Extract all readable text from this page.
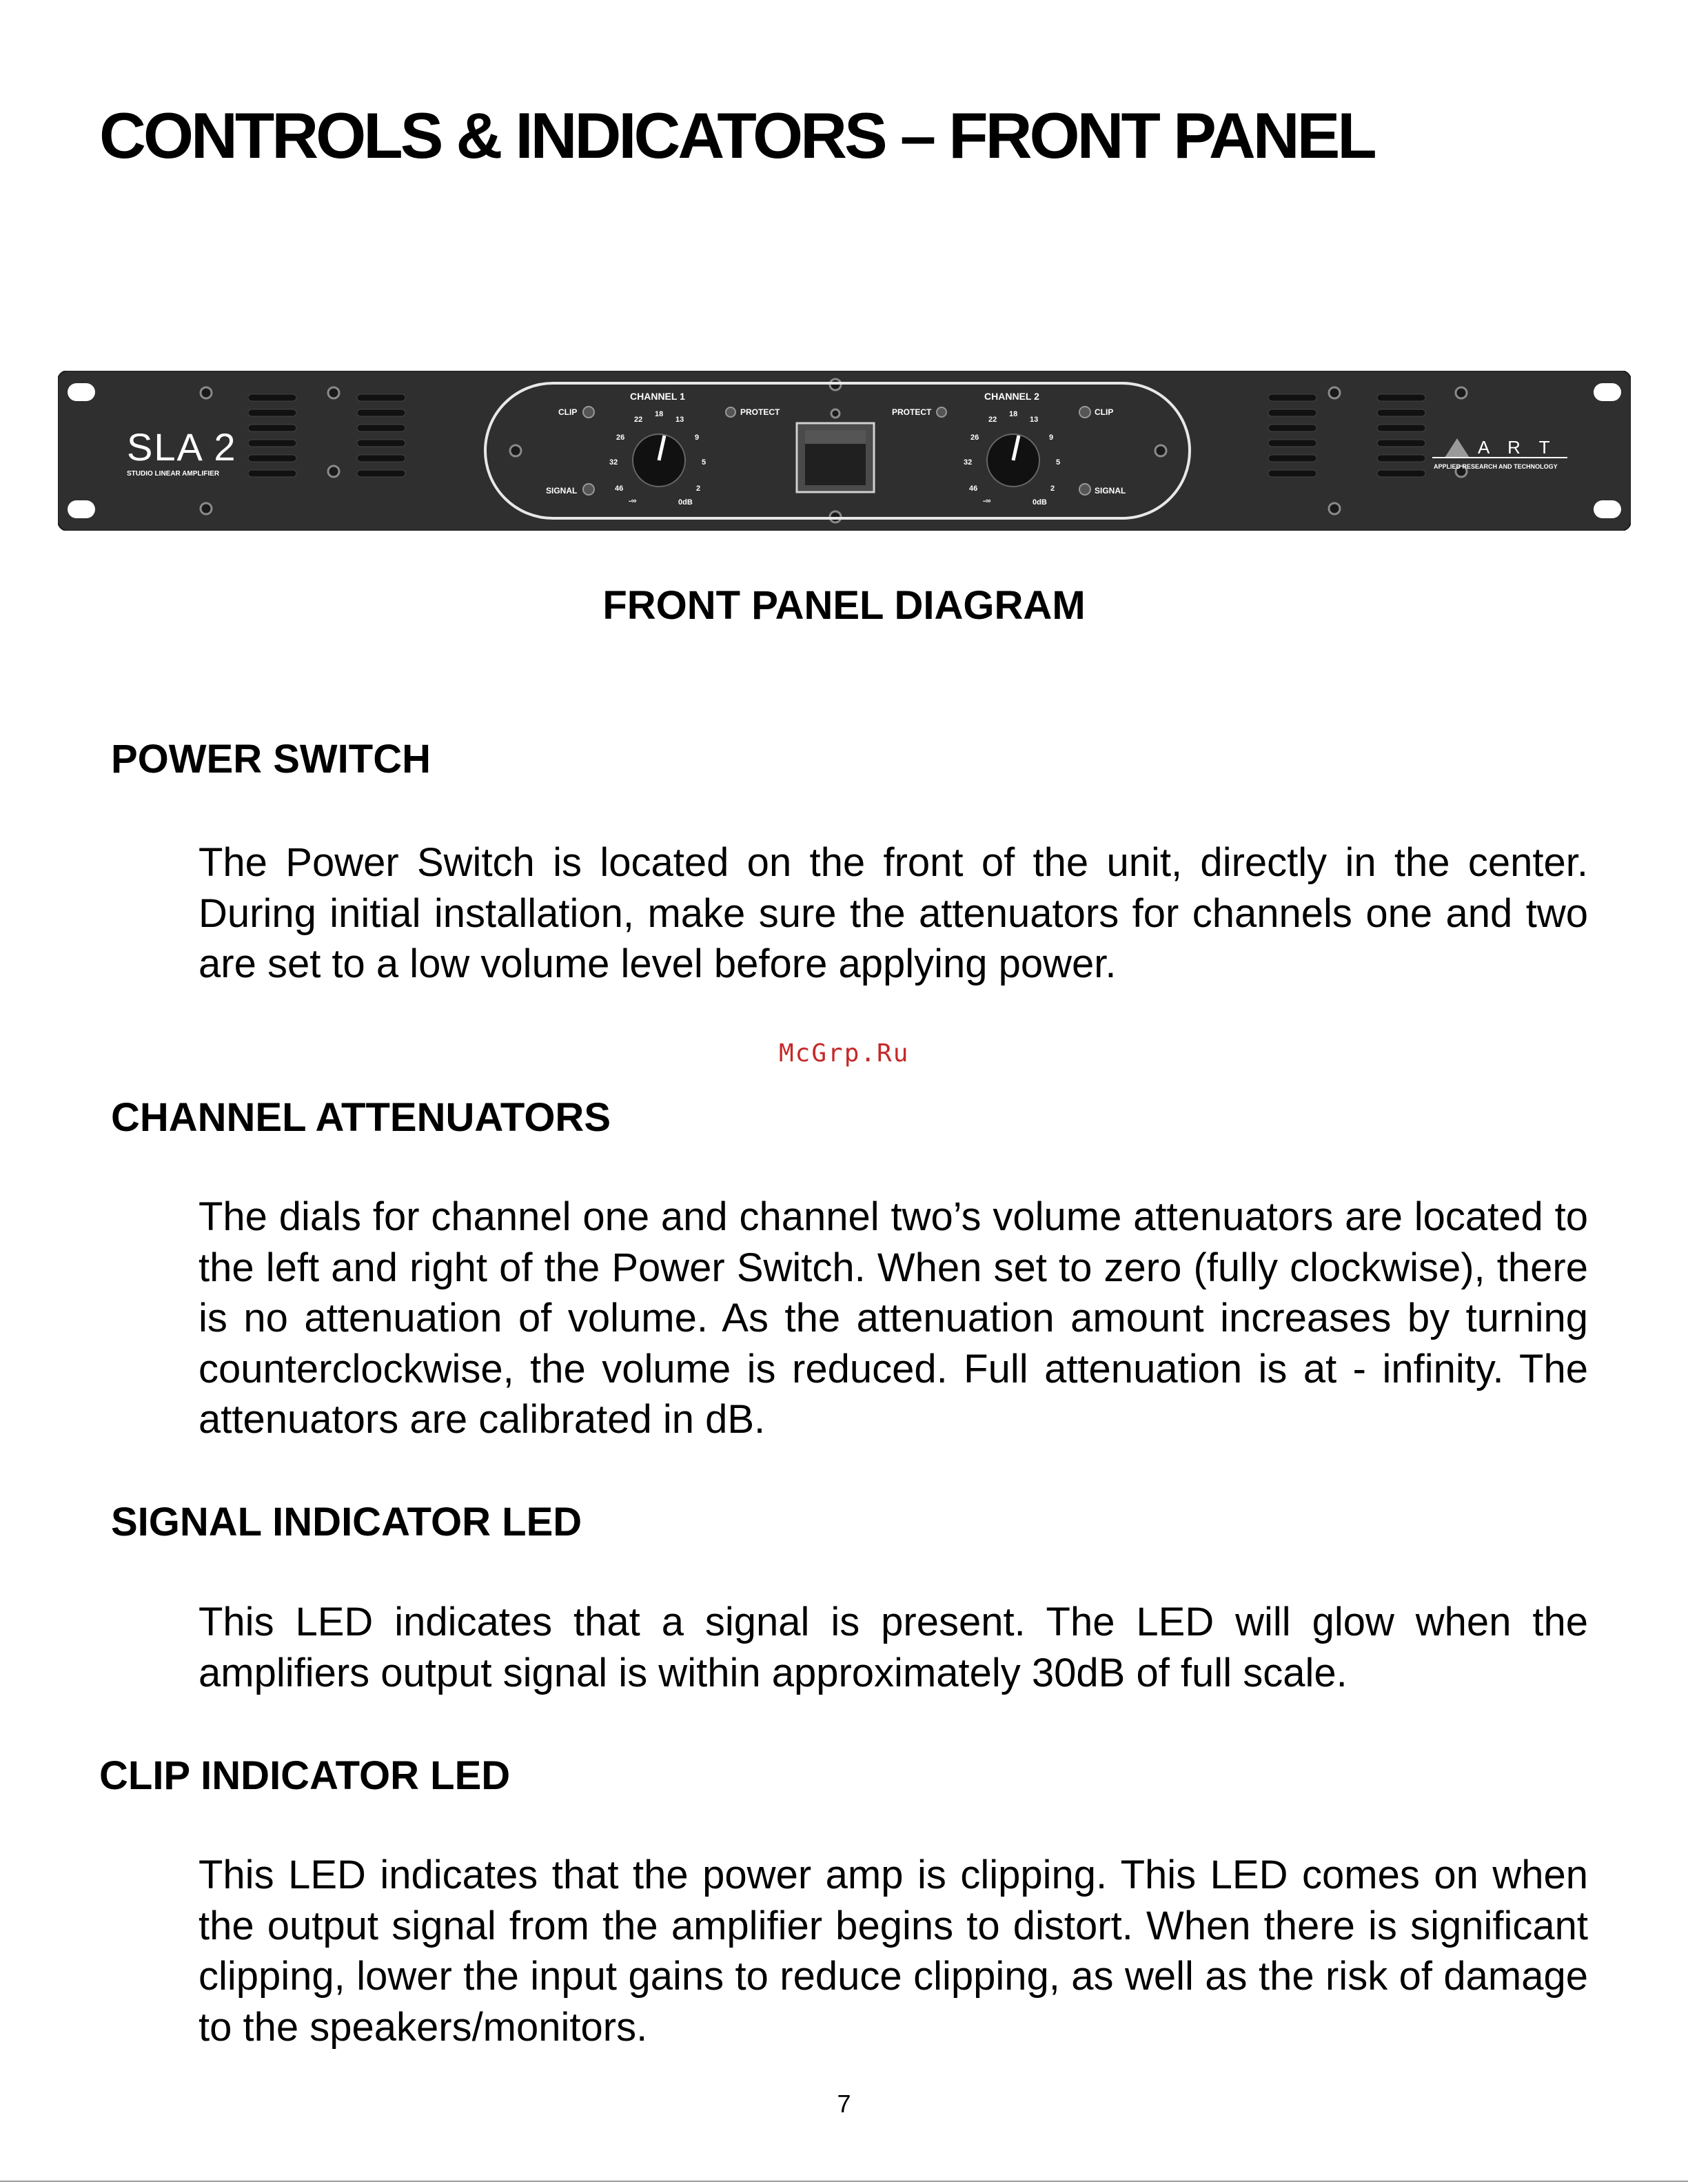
CONTROLS & INDICATORS – FRONT PANEL
SLA 2
STUDIO LINEAR AMPLIFIER
A R T
APPLIED RESEARCH AND TECHNOLOGY
CHANNEL 1
CLIP
SIGNAL
PROTECT
-∞
46
32
26
22
18
13
9
5
2
0dB
CHANNEL 2
PROTECT	CLIP
SIGNAL
-∞
46
32
26
22
18
13
9
5
2
0dB
FRONT PANEL DIAGRAM
POWER SWITCH

The Power Switch is located on the front of the unit, directly in the center. During initial installation, make sure the attenuators for channels one and two are set to a low volume level before applying power.

McGrp.Ru
CHANNEL ATTENUATORS

The dials for channel one and channel two’s volume attenuators are located to the left and right of the Power Switch. When set to zero (fully clockwise), there is no attenuation of volume. As the attenuation amount increases by turning counterclockwise, the volume is reduced. Full attenuation is at - infinity. The attenuators are calibrated in dB.

SIGNAL INDICATOR LED

This LED indicates that a signal is present. The LED will glow when the amplifiers output signal is within approximately 30dB of full scale.

CLIP INDICATOR LED

This LED indicates that the power amp is clipping. This LED comes on when the output signal from the amplifier begins to distort. When there is significant clipping, lower the input gains to reduce clipping, as well as the risk of damage to the speakers/monitors.

7
